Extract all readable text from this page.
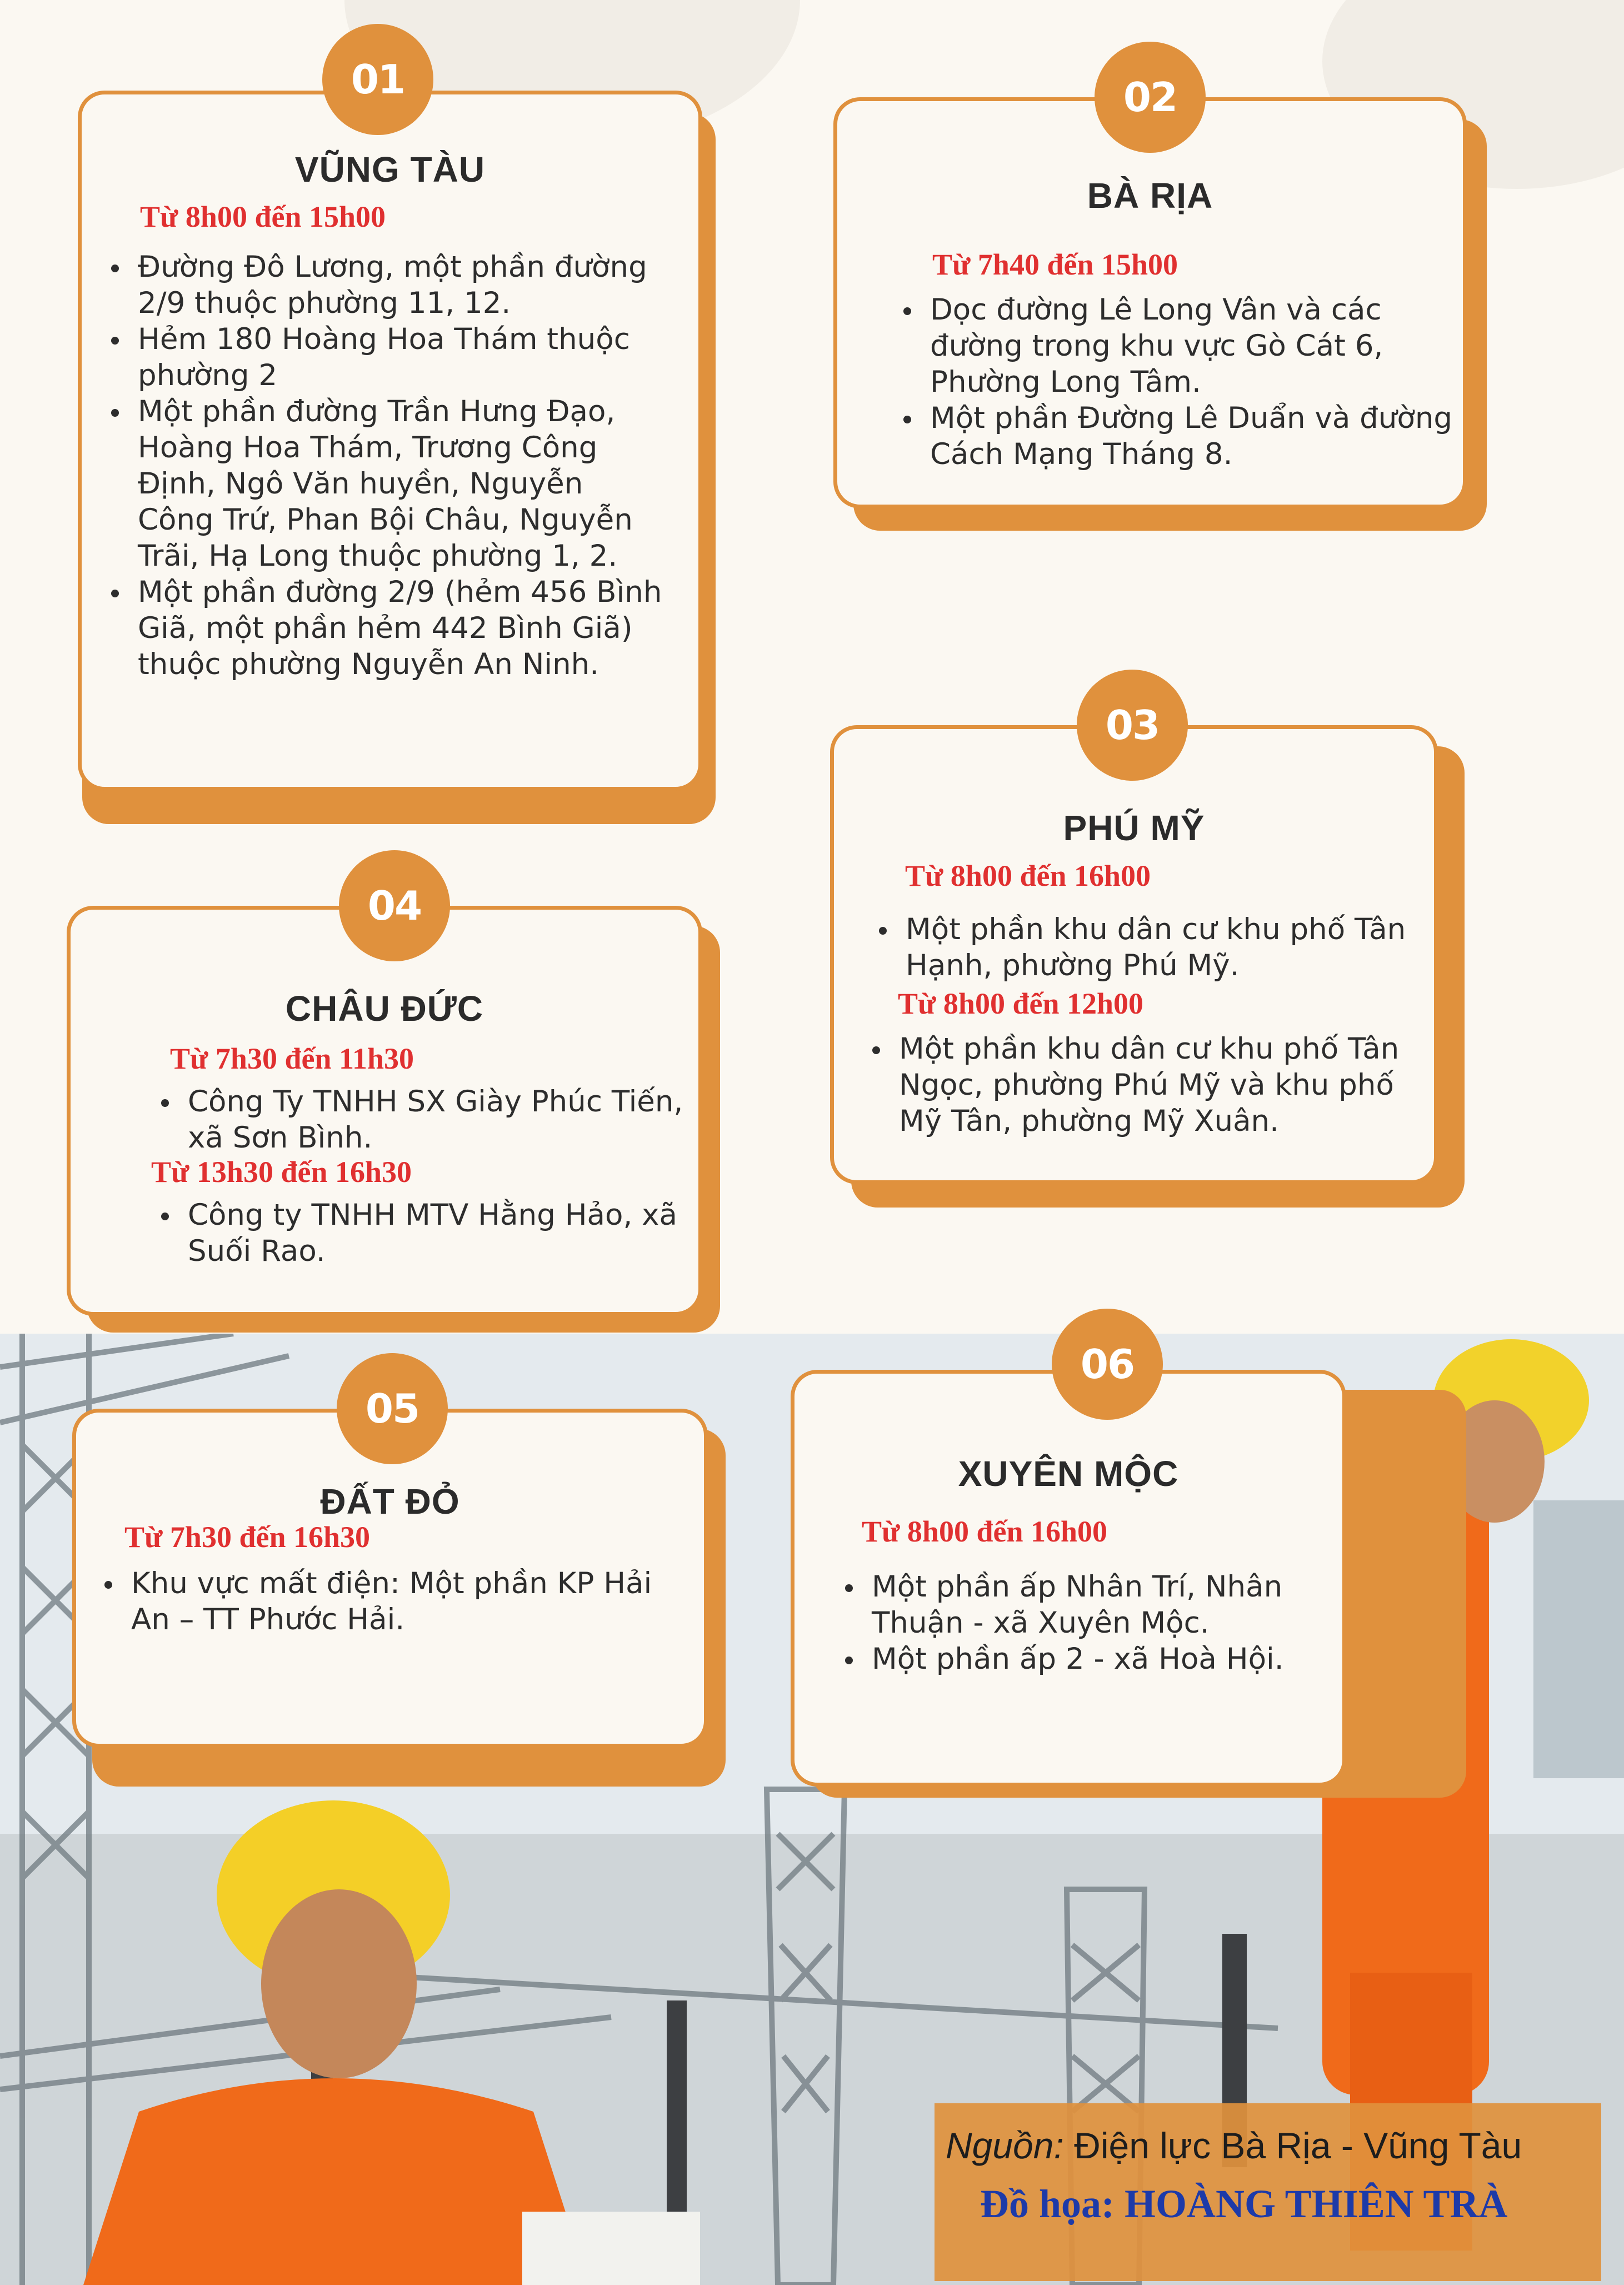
01
VŨNG TÀU
Từ 8h00 đến 15h00
Đường Đô Lương, một phần đường 2/9 thuộc phường 11, 12.
Hẻm 180 Hoàng Hoa Thám thuộc phường 2
Một phần đường Trần Hưng Đạo, Hoàng Hoa Thám, Trương Công Định, Ngô Văn huyền, Nguyễn Công Trứ, Phan Bội Châu, Nguyễn Trãi, Hạ Long thuộc phường 1, 2.
Một phần đường 2/9 (hẻm 456 Bình Giã, một phần hẻm 442 Bình Giã) thuộc phường Nguyễn An Ninh.
02
BÀ RỊA
Từ 7h40 đến 15h00
Dọc đường Lê Long Vân và các đường trong khu vực Gò Cát 6, Phường Long Tâm.
Một phần Đường Lê Duẩn và đường Cách Mạng Tháng 8.
03
PHÚ MỸ
Từ 8h00 đến 16h00
Một phần khu dân cư khu phố Tân Hạnh, phường Phú Mỹ.
Từ 8h00 đến 12h00
Một phần khu dân cư khu phố Tân Ngọc, phường Phú Mỹ và khu phố Mỹ Tân, phường Mỹ Xuân.
04
CHÂU ĐỨC
Từ 7h30 đến 11h30
Công Ty TNHH SX Giày Phúc Tiến, xã Sơn Bình.
Từ 13h30 đến 16h30
Công ty TNHH MTV Hằng Hảo, xã Suối Rao.
05
ĐẤT ĐỎ
Từ 7h30 đến 16h30
Khu vực mất điện: Một phần KP Hải An – TT Phước Hải.
06
XUYÊN MỘC
Từ 8h00 đến 16h00
Một phần ấp Nhân Trí, Nhân Thuận - xã Xuyên Mộc.
Một phần ấp 2 - xã Hoà Hội.
Nguồn: Điện lực Bà Rịa - Vũng Tàu
Đồ họa: HOÀNG THIÊN TRÀ
